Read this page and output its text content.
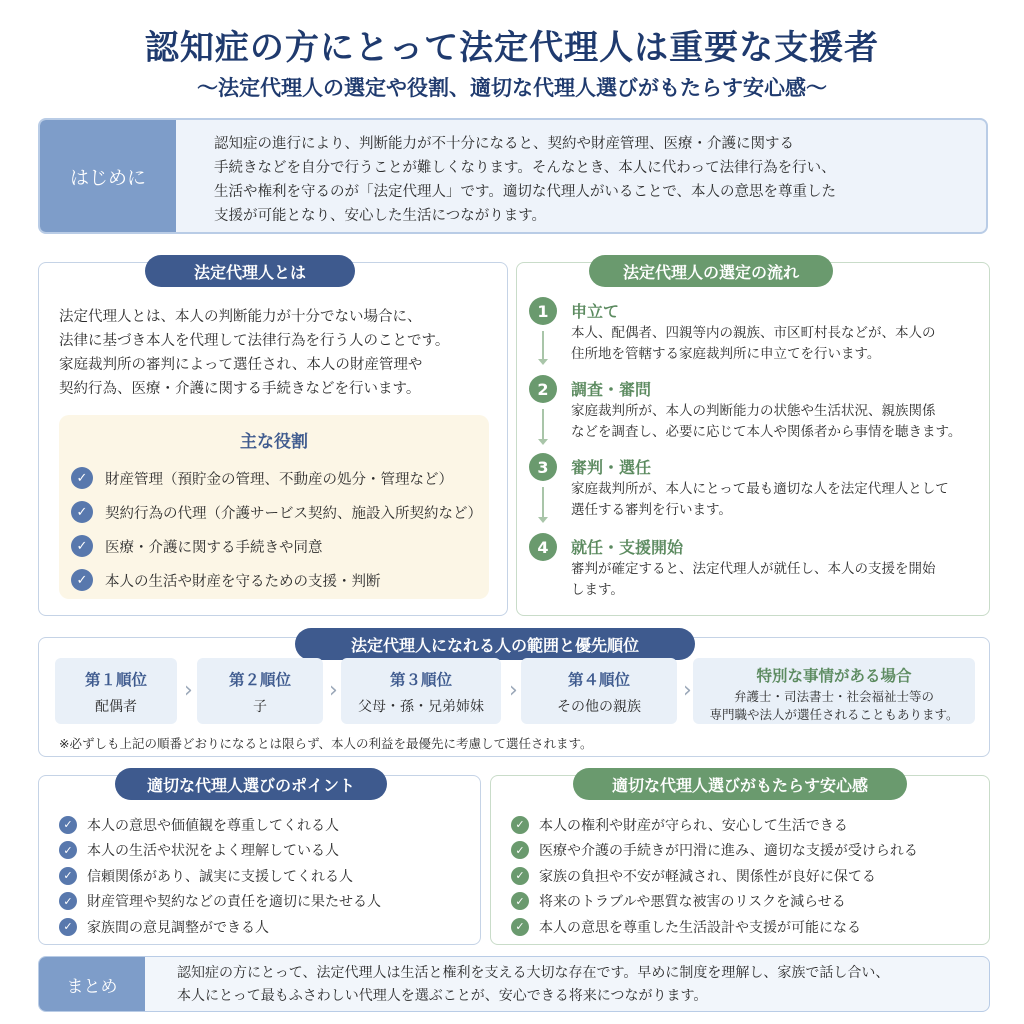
認知症の方にとって法定代理人は重要な支援者
〜法定代理人の選定や役割、適切な代理人選びがもたらす安心感〜
はじめに
認知症の進行により、判断能力が不十分になると、契約や財産管理、医療・介護に関する
手続きなどを自分で行うことが難しくなります。そんなとき、本人に代わって法律行為を行い、
生活や権利を守るのが「法定代理人」です。適切な代理人がいることで、本人の意思を尊重した
支援が可能となり、安心した生活につながります。
法定代理人とは
法定代理人とは、本人の判断能力が十分でない場合に、
法律に基づき本人を代理して法律行為を行う人のことです。
家庭裁判所の審判によって選任され、本人の財産管理や
契約行為、医療・介護に関する手続きなどを行います。
主な役割
✓	財産管理（預貯金の管理、不動産の処分・管理など）
✓	契約行為の代理（介護サービス契約、施設入所契約など）
✓	医療・介護に関する手続きや同意
✓	本人の生活や財産を守るための支援・判断
法定代理人の選定の流れ
1	申立て
本人、配偶者、四親等内の親族、市区町村長などが、本人の
住所地を管轄する家庭裁判所に申立てを行います。
2	調査・審問
家庭裁判所が、本人の判断能力の状態や生活状況、親族関係
などを調査し、必要に応じて本人や関係者から事情を聴きます。
3	審判・選任
家庭裁判所が、本人にとって最も適切な人を法定代理人として
選任する審判を行います。
4	就任・支援開始
審判が確定すると、法定代理人が就任し、本人の支援を開始
します。
法定代理人になれる人の範囲と優先順位
第１順位
配偶者
›	第２順位
子
›	第３順位
父母・孫・兄弟姉妹
›	第４順位
その他の親族
›
特別な事情がある場合
弁護士・司法書士・社会福祉士等の
専門職や法人が選任されることもあります。
※必ずしも上記の順番どおりになるとは限らず、本人の利益を最優先に考慮して選任されます。
適切な代理人選びのポイント
✓	本人の意思や価値観を尊重してくれる人
✓	本人の生活や状況をよく理解している人
✓	信頼関係があり、誠実に支援してくれる人
✓	財産管理や契約などの責任を適切に果たせる人
✓	家族間の意見調整ができる人
適切な代理人選びがもたらす安心感
✓	本人の権利や財産が守られ、安心して生活できる
✓	医療や介護の手続きが円滑に進み、適切な支援が受けられる
✓	家族の負担や不安が軽減され、関係性が良好に保てる
✓	将来のトラブルや悪質な被害のリスクを減らせる
✓	本人の意思を尊重した生活設計や支援が可能になる
まとめ
認知症の方にとって、法定代理人は生活と権利を支える大切な存在です。早めに制度を理解し、家族で話し合い、
本人にとって最もふさわしい代理人を選ぶことが、安心できる将来につながります。
